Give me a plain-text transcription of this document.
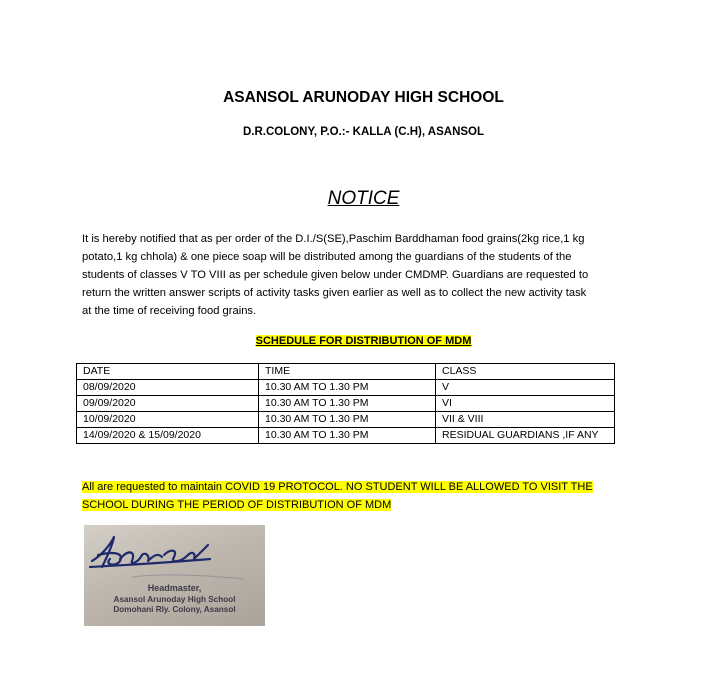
ASANSOL ARUNODAY HIGH SCHOOL
D.R.COLONY, P.O.:- KALLA (C.H), ASANSOL
NOTICE
It is hereby notified that as per order of the D.I./S(SE),Paschim Barddhaman food grains(2kg rice,1 kg
potato,1 kg chhola) & one piece soap will be distributed among the guardians of the students of the
students of classes V TO VIII as per schedule given below under CMDMP. Guardians are requested to
return the written answer scripts of activity tasks given earlier as well as to collect the new activity task
at the time of receiving food grains.
SCHEDULE FOR DISTRIBUTION OF MDM
DATE	TIME	CLASS
08/09/2020	10.30 AM TO 1.30 PM	V
09/09/2020	10.30 AM TO 1.30 PM	VI
10/09/2020	10.30 AM TO 1.30 PM	VII & VIII
14/09/2020 & 15/09/2020	10.30 AM TO 1.30 PM	RESIDUAL GUARDIANS ,IF ANY
All are requested to maintain COVID 19 PROTOCOL. NO STUDENT WILL BE ALLOWED TO VISIT THE
SCHOOL DURING THE PERIOD OF DISTRIBUTION OF MDM
Headmaster,
Asansol Arunoday High School
Domohani Rly. Colony, Asansol
